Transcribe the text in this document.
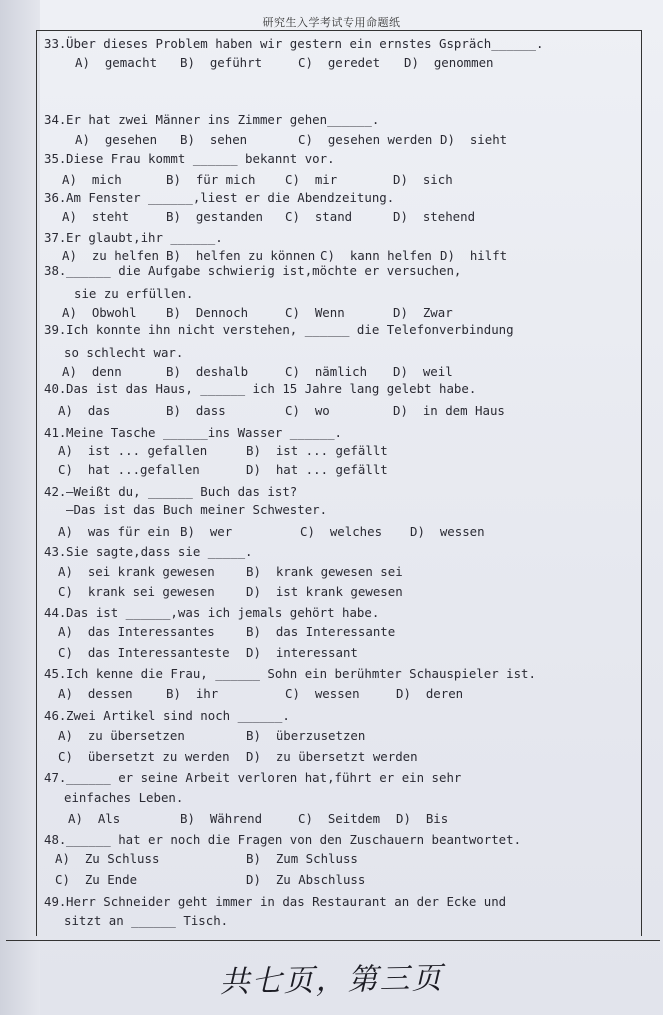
研究生入学考试专用命题纸
33. Über dieses Problem haben wir gestern ein ernstes Gspräch______.
A)  gemacht B)  geführt	C)  geredet D)  genommen
34. Er hat zwei Männer ins Zimmer gehen______.
A)  gesehen B)  sehen	C)  gesehen werden D)  sieht
35. Diese Frau kommt ______ bekannt vor.
A)  mich	B)  für mich C)  mir	D)  sich
36. Am Fenster ______,liest er die Abendzeitung.
A)  steht	B)  gestanden C)  stand	D)  stehend
37. Er glaubt,ihr ______.
A)  zu helfen B)  helfen zu können C)  kann helfen D)  hilft
38. ______ die Aufgabe schwierig ist,möchte er versuchen,
sie zu erfüllen.
A)  Obwohl B)  Dennoch	C)  Wenn	D)  Zwar
39. Ich konnte ihn nicht verstehen, ______ die Telefonverbindung
so schlecht war.
A)  denn	B)  deshalb	C)  nämlich D)  weil
40. Das ist das Haus, ______ ich 15 Jahre lang gelebt habe.
A)  das	B)  dass	C)  wo	D)  in dem Haus
41. Meine Tasche ______ins Wasser ______.
A)  ist ... gefallen	B)  ist ... gefällt
C)  hat ...gefallen	D)  hat ... gefällt
42. —Weißt du, ______ Buch das ist?
—Das ist das Buch meiner Schwester.
A)  was für ein B)  wer	C)  welches D)  wessen
43. Sie sagte,dass sie _____.
A)  sei krank gewesen	B)  krank gewesen sei
C)  krank sei gewesen	D)  ist krank gewesen
44. Das ist ______,was ich jemals gehört habe.
A)  das Interessantes	B)  das Interessante
C)  das Interessanteste D)  interessant
45. Ich kenne die Frau, ______ Sohn ein berühmter Schauspieler ist.
A)  dessen	B)  ihr	C)  wessen	D)  deren
46. Zwei Artikel sind noch ______.
A)  zu übersetzen	B)  überzusetzen
C)  übersetzt zu werden D)  zu übersetzt werden
47. ______ er seine Arbeit verloren hat,führt er ein sehr
einfaches Leben.
A)  Als	B)  Während	C)  Seitdem D)  Bis
48. ______ hat er noch die Fragen von den Zuschauern beantwortet.
A)  Zu Schluss	B)  Zum Schluss
C)  Zu Ende	D)  Zu Abschluss
49. Herr Schneider geht immer in das Restaurant an der Ecke und
sitzt an ______ Tisch.
共七页，第三页
